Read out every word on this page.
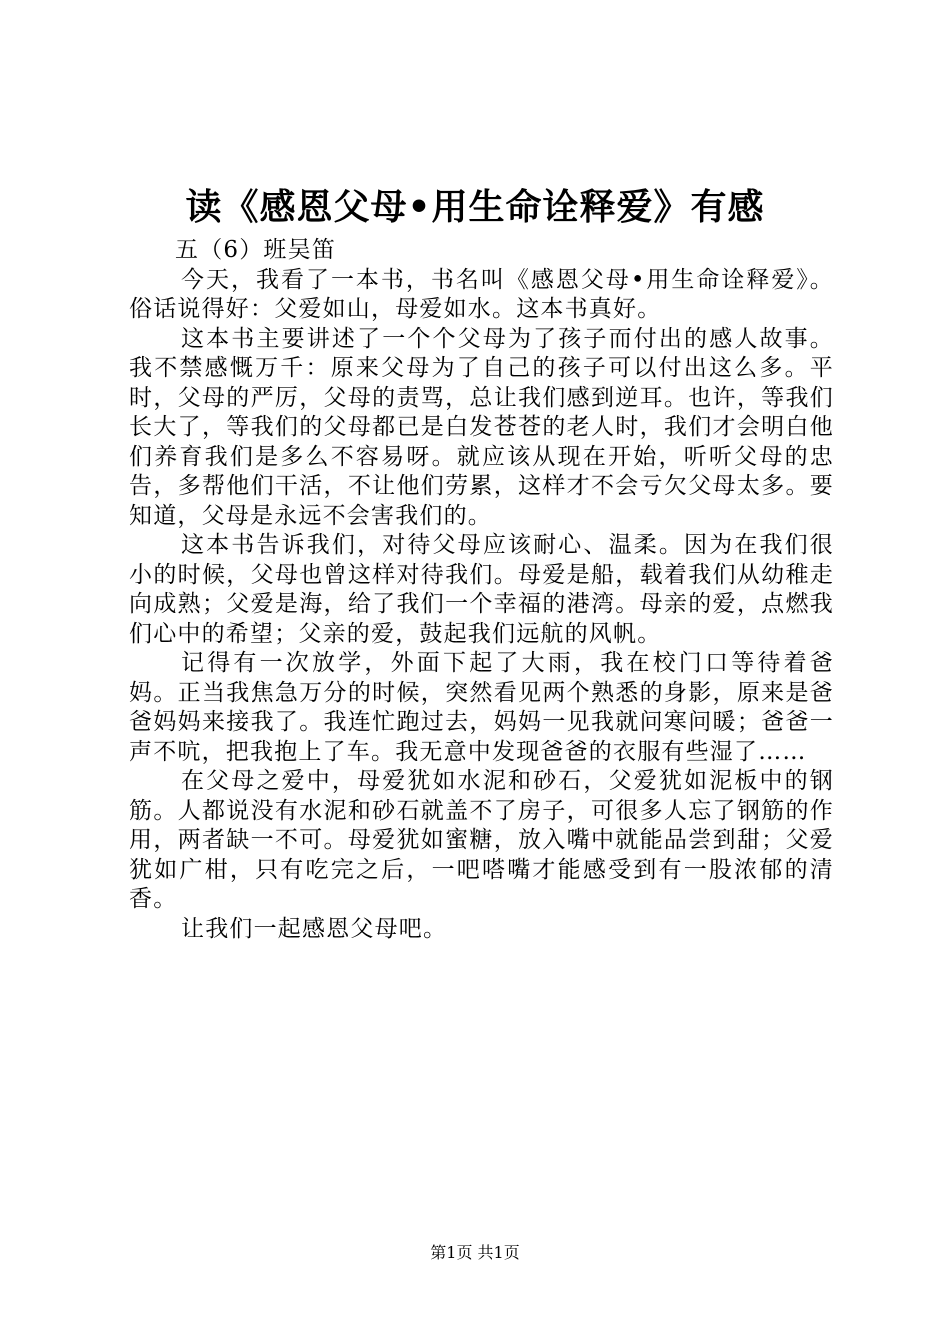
读《感恩父母•用生命诠释爱》有感

五（6）班吴笛

今天，我看了一本书，书名叫《感恩父母•用生命诠释爱》。俗话说得好：父爱如山，母爱如水。这本书真好。

这本书主要讲述了一个个父母为了孩子而付出的感人故事。我不禁感慨万千：原来父母为了自己的孩子可以付出这么多。平时，父母的严厉，父母的责骂，总让我们感到逆耳。也许，等我们长大了，等我们的父母都已是白发苍苍的老人时，我们才会明白他们养育我们是多么不容易呀。就应该从现在开始，听听父母的忠告，多帮他们干活，不让他们劳累，这样才不会亏欠父母太多。要知道，父母是永远不会害我们的。

这本书告诉我们，对待父母应该耐心、温柔。因为在我们很小的时候，父母也曾这样对待我们。母爱是船，载着我们从幼稚走向成熟；父爱是海，给了我们一个幸福的港湾。母亲的爱，点燃我们心中的希望；父亲的爱，鼓起我们远航的风帆。

记得有一次放学，外面下起了大雨，我在校门口等待着爸妈。正当我焦急万分的时候，突然看见两个熟悉的身影，原来是爸爸妈妈来接我了。我连忙跑过去，妈妈一见我就问寒问暖；爸爸一声不吭，把我抱上了车。我无意中发现爸爸的衣服有些湿了……

在父母之爱中，母爱犹如水泥和砂石，父爱犹如泥板中的钢筋。人都说没有水泥和砂石就盖不了房子，可很多人忘了钢筋的作用，两者缺一不可。母爱犹如蜜糖，放入嘴中就能品尝到甜；父爱犹如广柑，只有吃完之后，一吧嗒嘴才能感受到有一股浓郁的清香。

让我们一起感恩父母吧。

第1页 共1页
